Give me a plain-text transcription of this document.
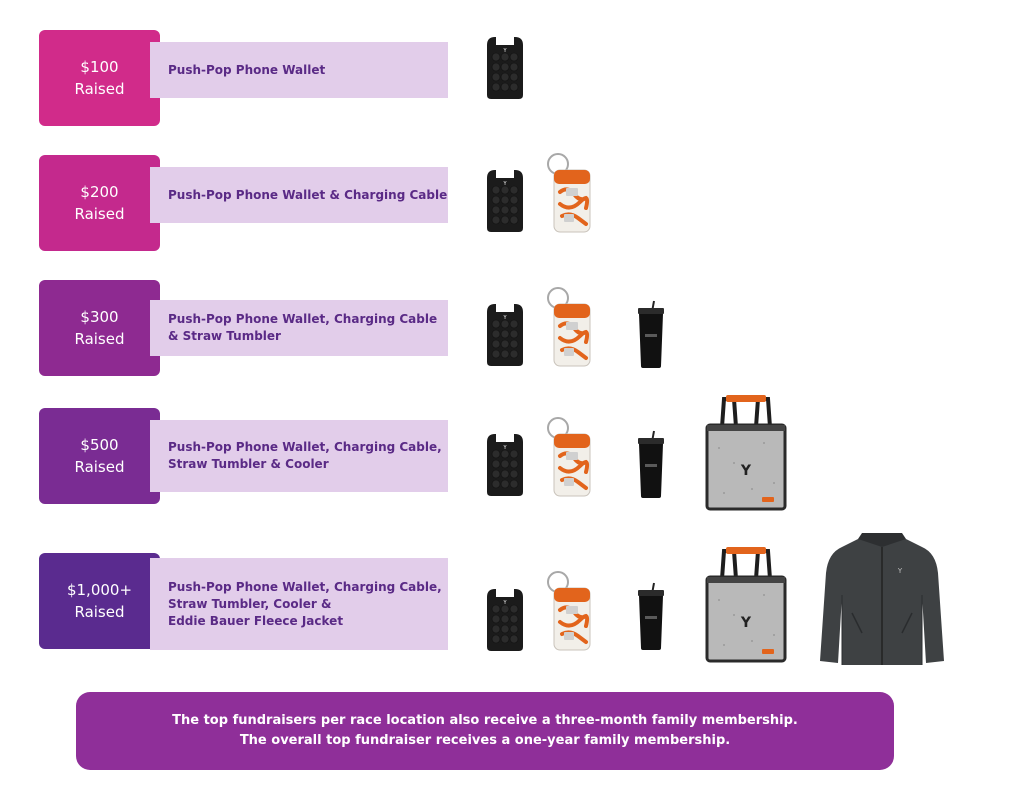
$100
Raised
Push-Pop Phone Wallet
$200
Raised
Push-Pop Phone Wallet & Charging Cable
$300
Raised
Push-Pop Phone Wallet, Charging Cable
& Straw Tumbler
$500
Raised
Push-Pop Phone Wallet, Charging Cable,
Straw Tumbler & Cooler
$1,000+
Raised
Push-Pop Phone Wallet, Charging Cable,
Straw Tumbler, Cooler &
Eddie Bauer Fleece Jacket
The top fundraisers per race location also receive a three-month family membership.
The overall top fundraiser receives a one-year family membership.
